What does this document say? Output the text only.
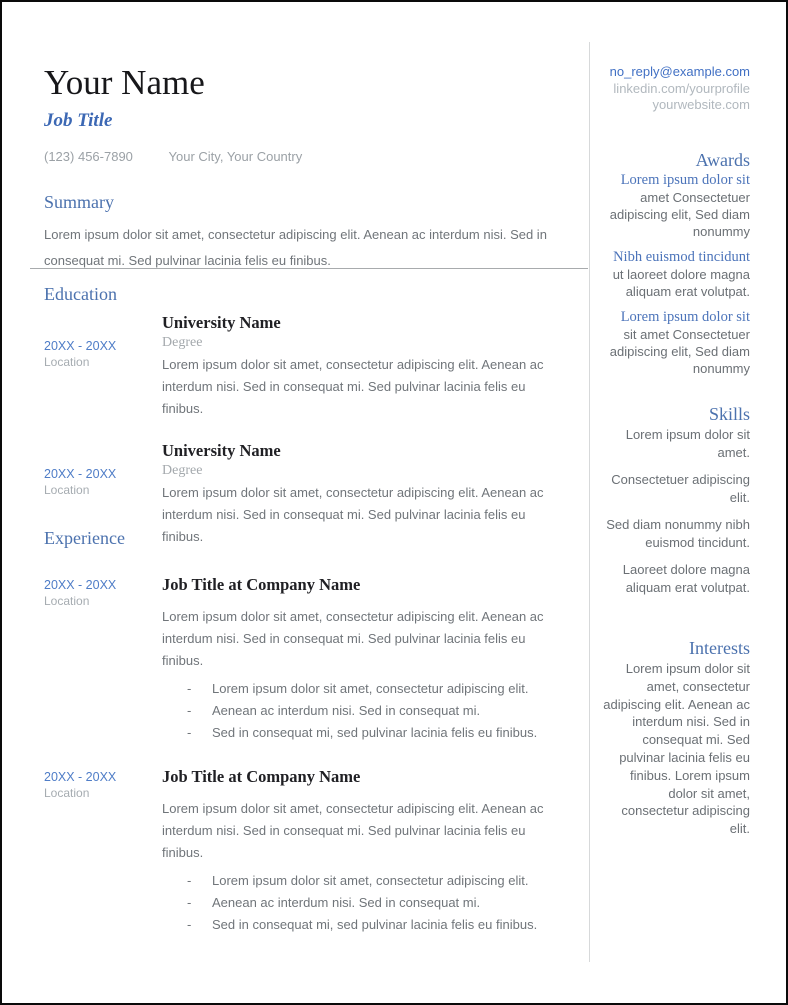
Your Name
Job Title
(123) 456-7890	Your City, Your Country
Summary

Lorem ipsum dolor sit amet, consectetur adipiscing elit. Aenean ac interdum nisi. Sed in consequat mi. Sed pulvinar lacinia felis eu finibus.

Education
20XX - 20XX
Location
University Name
Degree

Lorem ipsum dolor sit amet, consectetur adipiscing elit. Aenean ac interdum nisi. Sed in consequat mi. Sed pulvinar lacinia felis eu finibus.

20XX - 20XX
Location
University Name
Degree

Lorem ipsum dolor sit amet, consectetur adipiscing elit. Aenean ac interdum nisi. Sed in consequat mi. Sed pulvinar lacinia felis eu finibus.

Experience
20XX - 20XX
Location
Job Title at Company Name

Lorem ipsum dolor sit amet, consectetur adipiscing elit. Aenean ac interdum nisi. Sed in consequat mi. Sed pulvinar lacinia felis eu finibus.

- Lorem ipsum dolor sit amet, consectetur adipiscing elit.
- Aenean ac interdum nisi. Sed in consequat mi.
- Sed in consequat mi, sed pulvinar lacinia felis eu finibus.
20XX - 20XX
Location
Job Title at Company Name

Lorem ipsum dolor sit amet, consectetur adipiscing elit. Aenean ac interdum nisi. Sed in consequat mi. Sed pulvinar lacinia felis eu finibus.

- Lorem ipsum dolor sit amet, consectetur adipiscing elit.
- Aenean ac interdum nisi. Sed in consequat mi.
- Sed in consequat mi, sed pulvinar lacinia felis eu finibus.
no_reply@example.com
linkedin.com/yourprofile
yourwebsite.com
Awards
Lorem ipsum dolor sit

amet Consectetuer adipiscing elit, Sed diam nonummy

Nibh euismod tincidunt

ut laoreet dolore magna aliquam erat volutpat.

Lorem ipsum dolor sit

sit amet Consectetuer adipiscing elit, Sed diam nonummy

Skills
Lorem ipsum dolor sit amet.
Consectetuer adipiscing elit.
Sed diam nonummy nibh euismod tincidunt.
Laoreet dolore magna aliquam erat volutpat.
Interests

Lorem ipsum dolor sit amet, consectetur adipiscing elit. Aenean ac interdum nisi. Sed in consequat mi. Sed pulvinar lacinia felis eu finibus. Lorem ipsum dolor sit amet, consectetur adipiscing elit.
